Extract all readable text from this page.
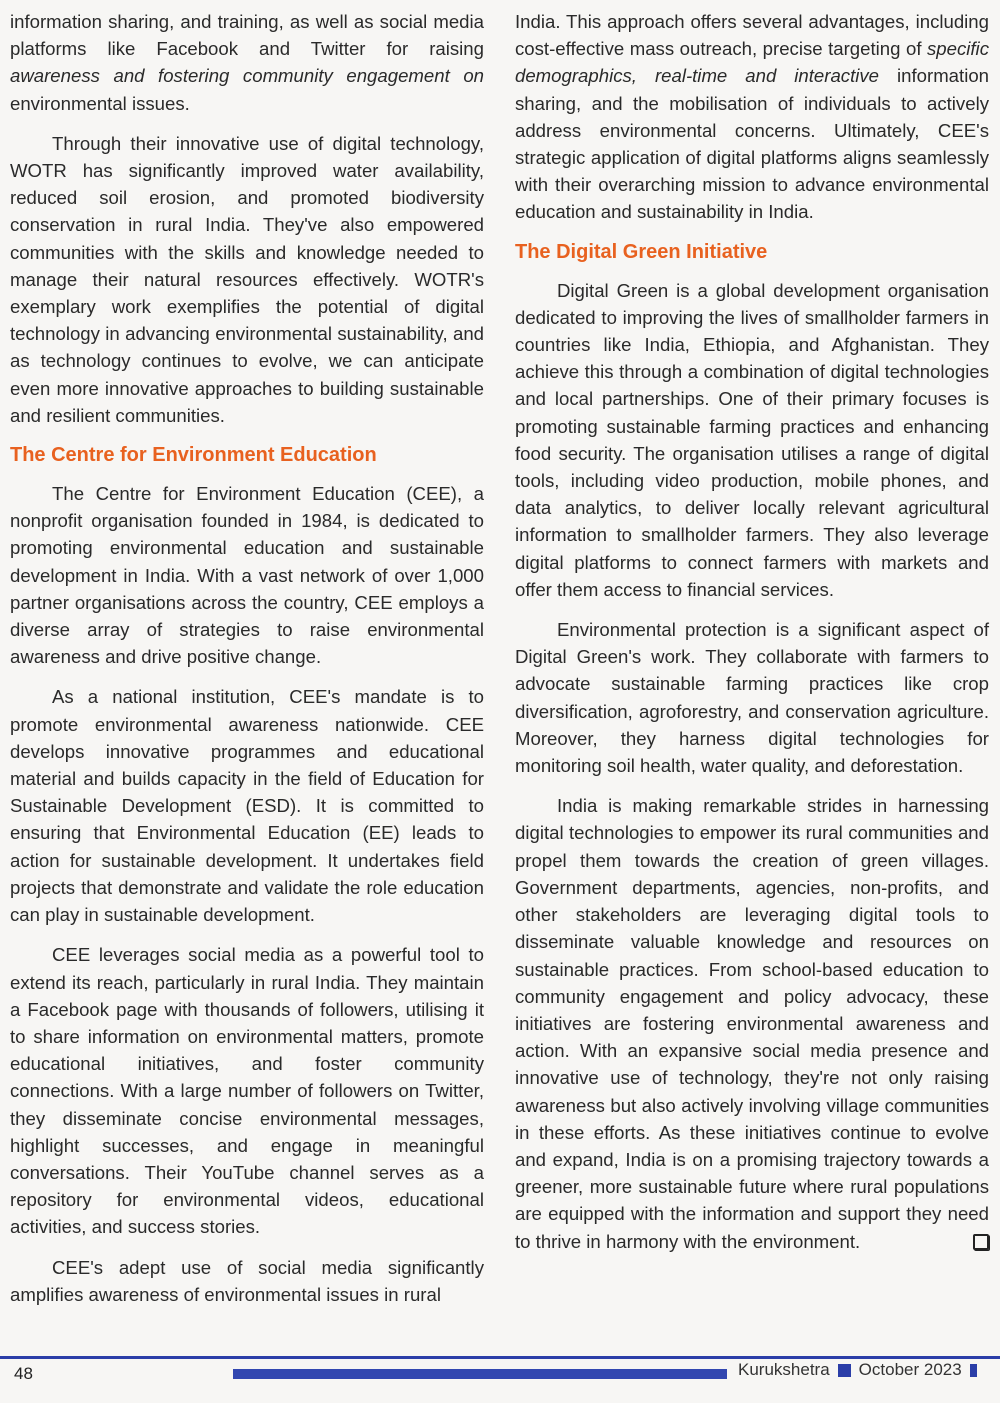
information sharing, and training, as well as social media platforms like Facebook and Twitter for raising awareness and fostering community engagement on environmental issues.

Through their innovative use of digital technology, WOTR has significantly improved water availability, reduced soil erosion, and promoted biodiversity conservation in rural India. They've also empowered communities with the skills and knowledge needed to manage their natural resources effectively. WOTR's exemplary work exemplifies the potential of digital technology in advancing environmental sustainability, and as technology continues to evolve, we can anticipate even more innovative approaches to building sustainable and resilient communities.

The Centre for Environment Education

The Centre for Environment Education (CEE), a nonprofit organisation founded in 1984, is dedicated to promoting environmental education and sustainable development in India. With a vast network of over 1,000 partner organisations across the country, CEE employs a diverse array of strategies to raise environmental awareness and drive positive change.

As a national institution, CEE's mandate is to promote environmental awareness nationwide. CEE develops innovative programmes and educational material and builds capacity in the field of Education for Sustainable Development (ESD). It is committed to ensuring that Environmental Education (EE) leads to action for sustainable development. It undertakes field projects that demonstrate and validate the role education can play in sustainable development.

CEE leverages social media as a powerful tool to extend its reach, particularly in rural India. They maintain a Facebook page with thousands of followers, utilising it to share information on environmental matters, promote educational initiatives, and foster community connections. With a large number of followers on Twitter, they disseminate concise environmental messages, highlight successes, and engage in meaningful conversations. Their YouTube channel serves as a repository for environmental videos, educational activities, and success stories.

CEE's adept use of social media significantly amplifies awareness of environmental issues in rural

India. This approach offers several advantages, including cost-effective mass outreach, precise targeting of specific demographics, real-time and interactive information sharing, and the mobilisation of individuals to actively address environmental concerns. Ultimately, CEE's strategic application of digital platforms aligns seamlessly with their overarching mission to advance environmental education and sustainability in India.

The Digital Green Initiative

Digital Green is a global development organisation dedicated to improving the lives of smallholder farmers in countries like India, Ethiopia, and Afghanistan. They achieve this through a combination of digital technologies and local partnerships. One of their primary focuses is promoting sustainable farming practices and enhancing food security. The organisation utilises a range of digital tools, including video production, mobile phones, and data analytics, to deliver locally relevant agricultural information to smallholder farmers. They also leverage digital platforms to connect farmers with markets and offer them access to financial services.

Environmental protection is a significant aspect of Digital Green's work. They collaborate with farmers to advocate sustainable farming practices like crop diversification, agroforestry, and conservation agriculture. Moreover, they harness digital technologies for monitoring soil health, water quality, and deforestation.

India is making remarkable strides in harnessing digital technologies to empower its rural communities and propel them towards the creation of green villages. Government departments, agencies, non-profits, and other stakeholders are leveraging digital tools to disseminate valuable knowledge and resources on sustainable practices. From school-based education to community engagement and policy advocacy, these initiatives are fostering environmental awareness and action. With an expansive social media presence and innovative use of technology, they're not only raising awareness but also actively involving village communities in these efforts. As these initiatives continue to evolve and expand, India is on a promising trajectory towards a greener, more sustainable future where rural populations are equipped with the information and support they need to thrive in harmony with the environment.

48	Kurukshetra October 2023
